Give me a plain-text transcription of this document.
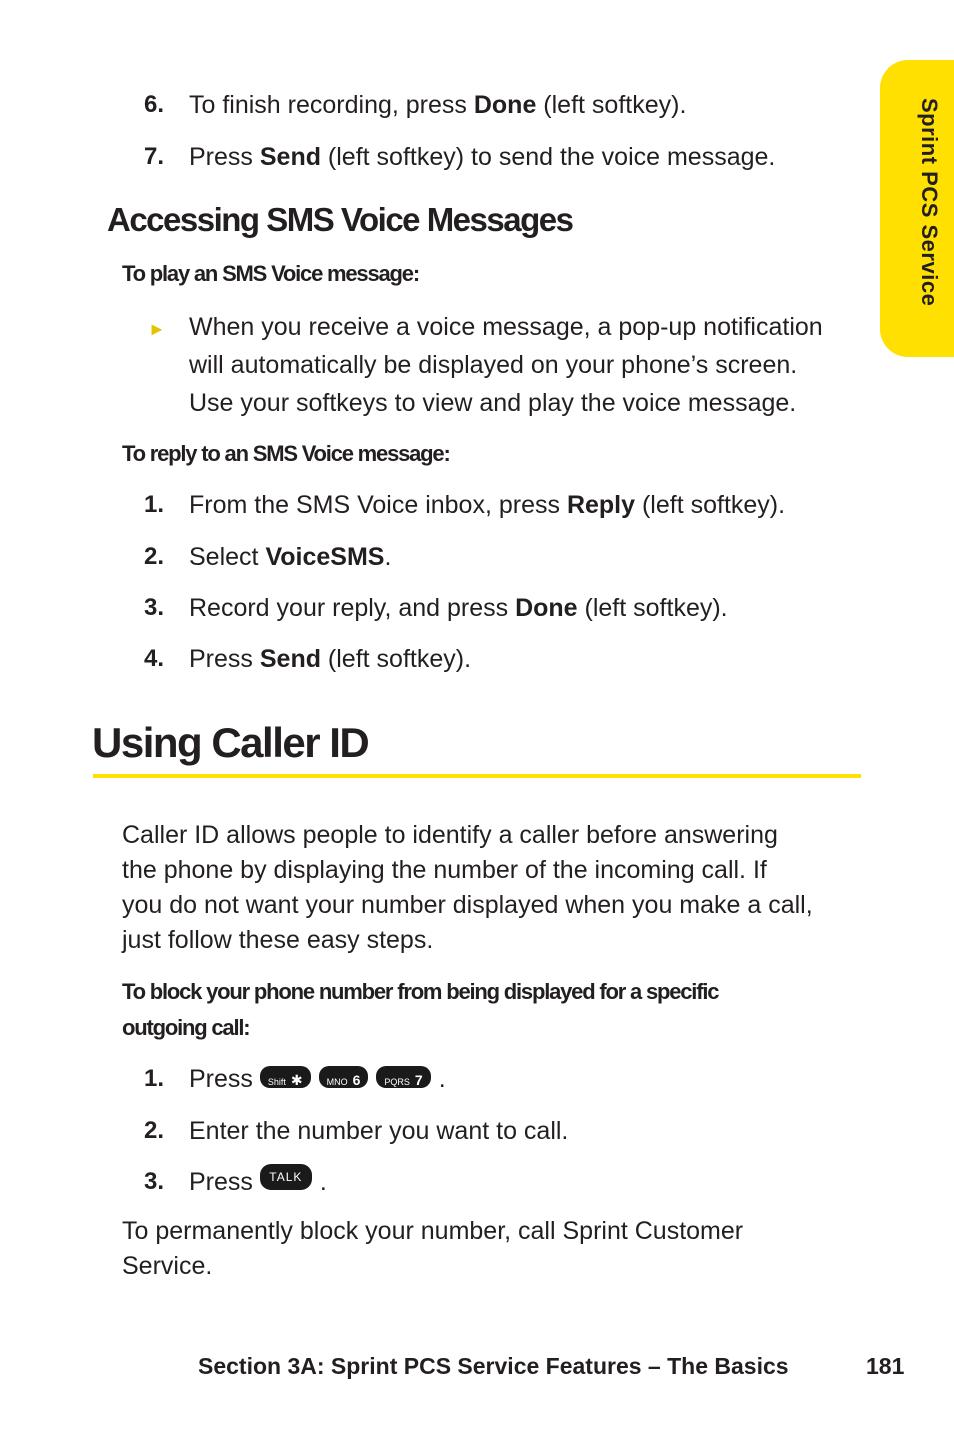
Sprint PCS Service
6. To finish recording, press Done (left softkey).
7. Press Send (left softkey) to send the voice message.
Accessing SMS Voice Messages
To play an SMS Voice message:
► When you receive a voice message, a pop-up notification
will automatically be displayed on your phone’s screen.
Use your softkeys to view and play the voice message.
To reply to an SMS Voice message:
1. From the SMS Voice inbox, press Reply (left softkey).
2. Select VoiceSMS.
3. Record your reply, and press Done (left softkey).
4. Press Send (left softkey).
Using Caller ID
Caller ID allows people to identify a caller before answering
the phone by displaying the number of the incoming call. If
you do not want your number displayed when you make a call,
just follow these easy steps.
To block your phone number from being displayed for a specific
outgoing call:
1. Press Shift ✱	MNO 6	PQRS 7 .
2. Enter the number you want to call.
3. Press TALK .
To permanently block your number, call Sprint Customer
Service.
Section 3A: Sprint PCS Service Features – The Basics	181
